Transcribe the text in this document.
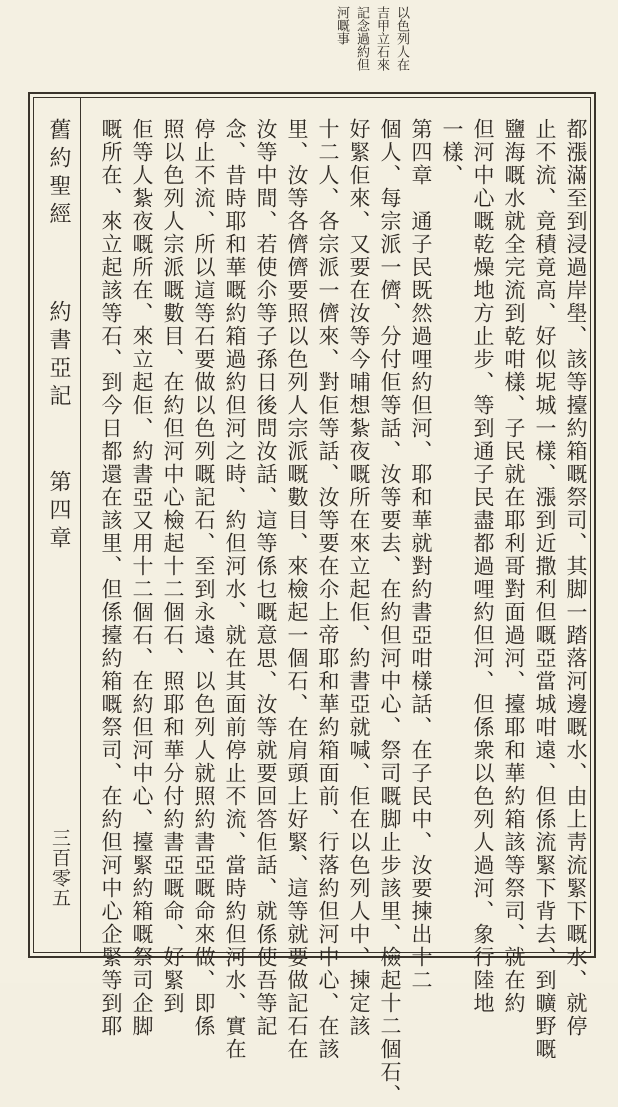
以色列人在
吉甲立石來
記念過約但
河嘅事
都漲滿至到浸過岸壆、該等擡約箱嘅祭司、其脚一踏落河邊嘅水、由上靑流緊下嘅水、就停
止不流、竟積竟高、好似坭城一樣、漲到近撒利但嘅亞當城咁遠、但係流緊下背去、到曠野嘅
鹽海嘅水就全完流到乾咁樣、子民就在耶利哥對面過河、擡耶和華約箱該等祭司、就在約
但河中心嘅乾燥地方止步、等到通子民盡都過哩約但河、但係衆以色列人過河、象行陸地
一樣、
第四章　通子民既然過哩約但河、耶和華就對約書亞咁樣話、在子民中、汝要揀出十二
個人、每宗派一儕、分付佢等話、汝等要去、在約但河中心、祭司嘅脚止步該里、檢起十二個石、
好緊佢來、又要在汝等今晡想紮夜嘅所在來立起佢、約書亞就喊、佢在以色列人中、揀定該
十二人、各宗派一儕來、對佢等話、汝等要在尒上帝耶和華約箱面前、行落約但河中心、在該
里、汝等各儕儕要照以色列人宗派嘅數目、來檢起一個石、在肩頭上好緊、這等就要做記石在
汝等中間、若使尒等子孫日後問汝話、這等係乜嘅意思、汝等就要回答佢話、就係使吾等記
念、昔時耶和華嘅約箱過約但河之時、約但河水、就在其面前停止不流、當時約但河水、實在
停止不流、所以這等石要做以色列嘅記石、至到永遠、以色列人就照約書亞嘅命來做、即係
照以色列人宗派嘅數目、在約但河中心檢起十二個石、照耶和華分付約書亞嘅命、好緊到
佢等人紮夜嘅所在、來立起佢、約書亞又用十二個石、在約但河中心、擡緊約箱嘅祭司企脚
嘅所在、來立起該等石、到今日都還在該里、但係擡約箱嘅祭司、在約但河中心企緊等到耶
舊約聖經
約書亞記
第四章
三百零五
